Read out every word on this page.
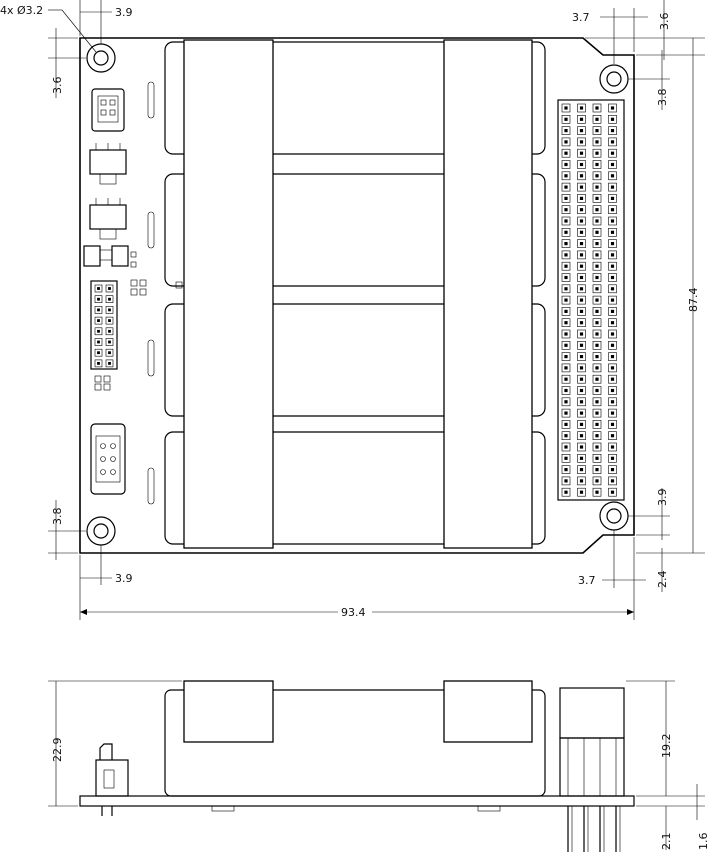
4x Ø3.2	3.9
3.6
3.7	3.6
3.8
87.4
3.9
3.8
3.9	3.7	2.4
93.4
22.9	19.2
2.1 1.6
